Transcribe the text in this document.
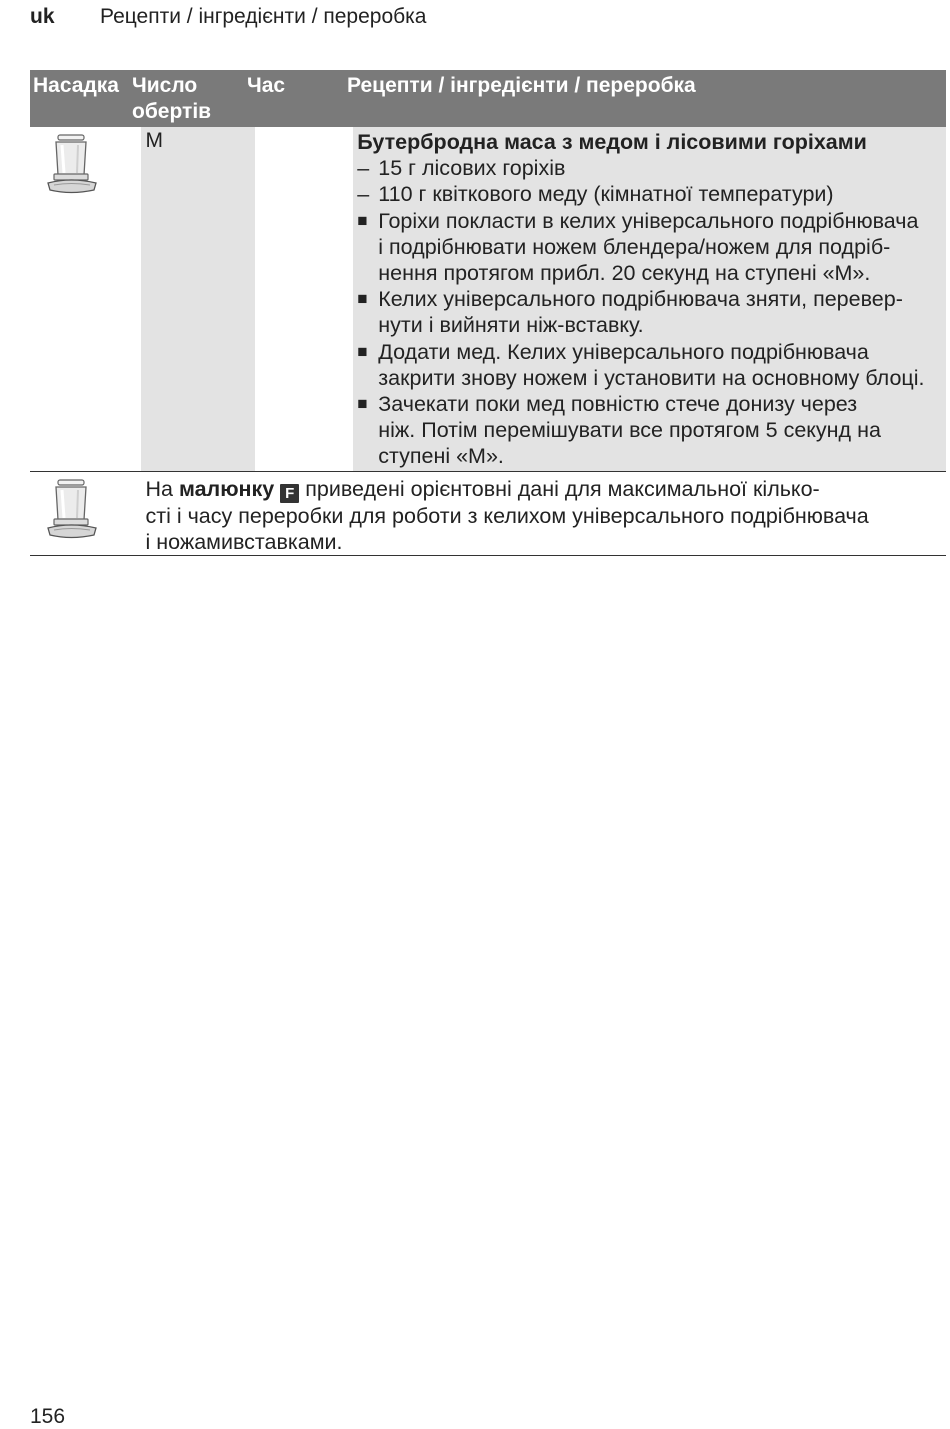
uk Рецепти / інгредієнти / переробка
Насадка Число обертів
Час	Рецепти / інгредієнти / переробка
M	Бутербродна маса з медом і лісовими горіхами
– 15 г лісових горіхів
– 110 г квіткового меду (кімнатної температури)
■ Горіхи покласти в келих універсального подрібнювача
і подрібнювати ножем блендера/ножем для подріб-
нення протягом прибл. 20 секунд на ступені «М».
■ Келих універсального подрібнювача зняти, перевер-
нути і вийняти ніж-вставку.
■ Додати мед. Келих універсального подрібнювача
закрити знову ножем і установити на основному блоці.
■ Зачекати поки мед повністю стече донизу через
ніж. Потім перемішувати все протягом 5 секунд на
ступені «М».
На малюнку F приведені орієнтовні дані для максимальної кілько-
сті і часу переробки для роботи з келихом універсального подрібнювача
і ножамивставками.
156
